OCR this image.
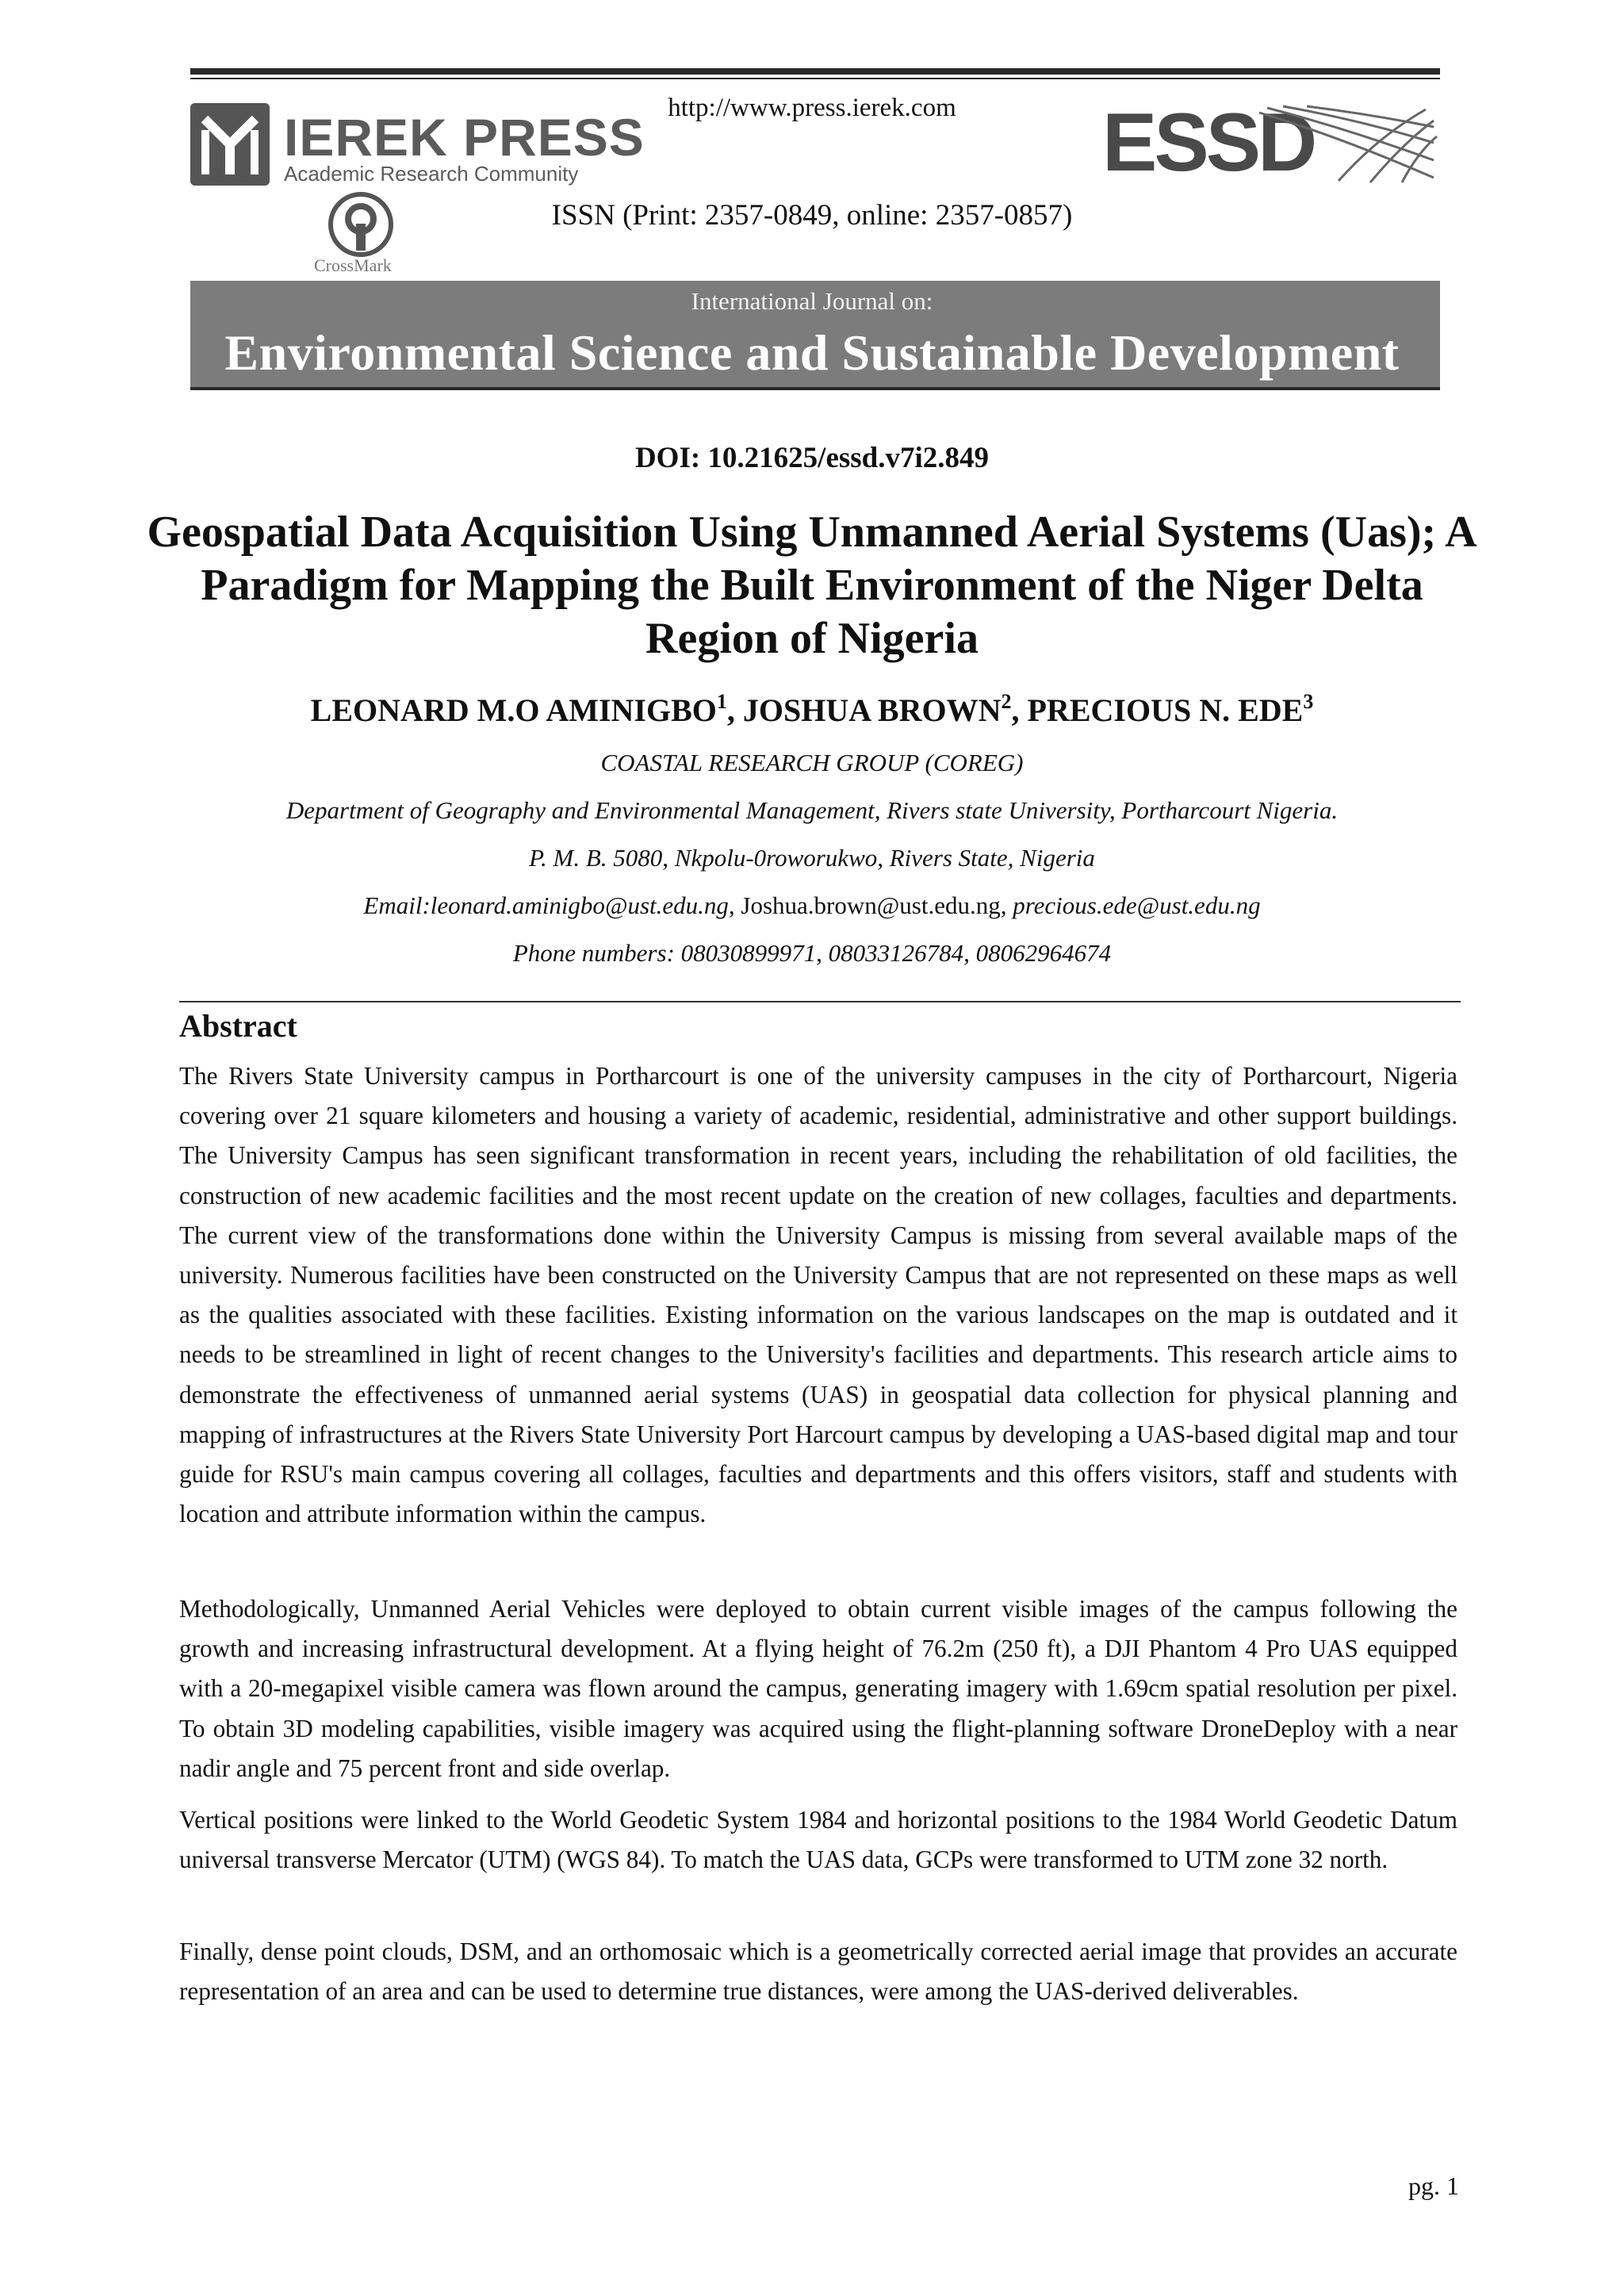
http://www.press.ierek.com
IEREK PRESS
Academic Research Community
CrossMark
ISSN (Print: 2357-0849, online: 2357-0857)
ESSD
International Journal on:
Environmental Science and Sustainable Development
DOI: 10.21625/essd.v7i2.849
Geospatial Data Acquisition Using Unmanned Aerial Systems (Uas); A Paradigm for Mapping the Built Environment of the Niger Delta Region of Nigeria
LEONARD M.O AMINIGBO$^1$, JOSHUA BROWN$^2$, PRECIOUS N. EDE$^3$
COASTAL RESEARCH GROUP (COREG)
Department of Geography and Environmental Management, Rivers state University, Portharcourt Nigeria.
P. M. B. 5080, Nkpolu-0roworukwo, Rivers State, Nigeria
Email:leonard.aminigbo@ust.edu.ng, Joshua.brown@ust.edu.ng, precious.ede@ust.edu.ng
Phone numbers: 08030899971, 08033126784, 08062964674
Abstract
The Rivers State University campus in Portharcourt is one of the university campuses in the city of Portharcourt, Nigeria covering over 21 square kilometers and housing a variety of academic, residential, administrative and other support buildings. The University Campus has seen significant transformation in recent years, including the rehabilitation of old facilities, the construction of new academic facilities and the most recent update on the creation of new collages, faculties and departments. The current view of the transformations done within the University Campus is missing from several available maps of the university. Numerous facilities have been constructed on the University Campus that are not represented on these maps as well as the qualities associated with these facilities. Existing information on the various landscapes on the map is outdated and it needs to be streamlined in light of recent changes to the University's facilities and departments. This research article aims to demonstrate the effectiveness of unmanned aerial systems (UAS) in geospatial data collection for physical planning and mapping of infrastructures at the Rivers State University Port Harcourt campus by developing a UAS-based digital map and tour guide for RSU's main campus covering all collages, faculties and departments and this offers visitors, staff and students with location and attribute information within the campus.
Methodologically, Unmanned Aerial Vehicles were deployed to obtain current visible images of the campus following the growth and increasing infrastructural development. At a flying height of 76.2m (250 ft), a DJI Phantom 4 Pro UAS equipped with a 20-megapixel visible camera was flown around the campus, generating imagery with 1.69cm spatial resolution per pixel. To obtain 3D modeling capabilities, visible imagery was acquired using the flight-planning software DroneDeploy with a near nadir angle and 75 percent front and side overlap.
Vertical positions were linked to the World Geodetic System 1984 and horizontal positions to the 1984 World Geodetic Datum universal transverse Mercator (UTM) (WGS 84). To match the UAS data, GCPs were transformed to UTM zone 32 north.
Finally, dense point clouds, DSM, and an orthomosaic which is a geometrically corrected aerial image that provides an accurate representation of an area and can be used to determine true distances, were among the UAS-derived deliverables.
pg. 1
